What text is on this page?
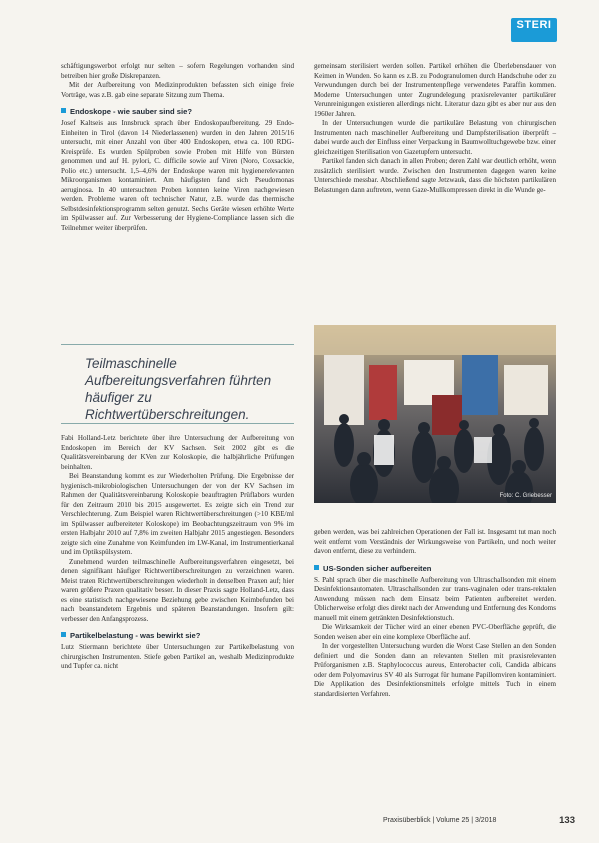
STERI

schäftigungswerbot erfolgt nur selten – sofern Regelungen vorhanden sind betreiben hier große Diskrepanzen.

Mit der Aufbereitung von Medizinprodukten befassten sich einige freie Vorträge, was z.B. gab eine separate Sitzung zum Thema.

Endoskope - wie sauber sind sie?

Josef Kaltseis aus Innsbruck sprach über Endoskopaufbereitung. 29 Endo-Einheiten in Tirol (davon 14 Niederlassenen) wurden in den Jahren 2015/16 untersucht, mit einer Anzahl von über 400 Endoskopen, etwa ca. 100 RDG-Kreisprüfe. Es wurden Spülproben sowie Proben mit Hilfe von Bürsten genommen und auf H. pylori, C. difficile sowie auf Viren (Noro, Coxsackie, Polio etc.) untersucht. 1,5–4,6% der Endoskope waren mit hygienerelevanten Mikroorganismen kontaminiert. Am häufigsten fand sich Pseudomonas aeruginosa. In 40 untersuchten Proben konnten keine Viren nachgewiesen werden. Probleme waren oft technischer Natur, z.B. wurde das thermische Selbstdesinfektionsprogramm selten genutzt. Sechs Geräte wiesen erhöhte Werte im Spülwasser auf. Zur Verbesserung der Hygiene-Compliance lassen sich die Teilnehmer weiter überprüfen.

Teilmaschinelle Aufbereitungsverfahren führten häufiger zu Richtwertüberschreitungen.

Fabi Holland-Letz berichtete über ihre Untersuchung der Aufbereitung von Endoskopen im Bereich der KV Sachsen. Seit 2002 gibt es die Qualitätsvereinbarung der KVen zur Koloskopie, die halbjährliche Prüfungen beinhalten.

Bei Beanstandung kommt es zur Wiederholten Prüfung. Die Ergebnisse der hygienisch-mikrobiologischen Untersuchungen der von der KV Sachsen im Rahmen der Qualitätsvereinbarung Koloskopie beauftragten Prüflabors wurden für den Zeitraum 2010 bis 2015 ausgewertet. Es zeigte sich ein Trend zur Verschlechterung. Zum Beispiel waren Richtwertüberschreitungen (>10 KBE/ml im Spülwasser aufbereiteter Koloskope) im Beobachtungszeitraum von 9% im ersten Halbjahr 2010 auf 7,8% im zweiten Halbjahr 2015 angestiegen. Besonders zeigte sich eine Zunahme von Keimfunden im LW-Kanal, im Instrumentierkanal und im Optikspülsystem.

Zunehmend wurden teilmaschinelle Aufbereitungsverfahren eingesetzt, bei denen signifikant häufiger Richtwertüberschreitungen zu verzeichnen waren. Meist traten Richtwertüberschreitungen wiederholt in denselben Praxen auf; hier waren größere Praxen qualitativ besser. In dieser Praxis sagte Holland-Letz, dass es eine statistisch nachgewiesene Beziehung gebe zwischen Keimbefunden bei nach beanstandetem Ergebnis und späteren Beanstandungen. Insofern gilt: verbesser den Anfangsprozess.

Partikelbelastung - was bewirkt sie?

Lutz Stiermann berichtete über Untersuchungen zur Partikelbelastung von chirurgischen Instrumenten. Stiefe geben Partikel an, weshalb Medizinprodukte und Tupfer ca. nicht

gemeinsam sterilisiert werden sollen. Partikel erhöhen die Überlebensdauer von Keimen in Wunden. So kann es z.B. zu Podogranulomen durch Handschuhe oder zu Verwundungen durch bei der Instrumentenpflege verwendetes Paraffin kommen. Moderne Untersuchungen unter Zugrundelegung praxisrelevanter partikulärer Verunreinigungen existieren allerdings nicht. Literatur dazu gibt es aber nur aus den 1960er Jahren.

In der Untersuchungen wurde die partikuläre Belastung von chirurgischen Instrumenten nach maschineller Aufbereitung und Dampfsterilisation überprüft – dabei wurde auch der Einfluss einer Verpackung in Baumwolltuchgewebe bzw. einer gleichzeitigen Sterilisation von Gazetupfern untersucht.

Partikel fanden sich danach in allen Proben; deren Zahl war deutlich erhöht, wenn zusätzlich sterilisiert wurde. Zwischen den Instrumenten dagegen waren keine Unterschiede messbar. Abschließend sagte Jetzwauk, dass die höchsten partikulären Belastungen dann auftreten, wenn Gaze-Mullkompressen direkt in die Wunde ge-

Foto: C. Griebesser

geben werden, was bei zahlreichen Operationen der Fall ist. Insgesamt tut man noch weit entfernt vom Verständnis der Wirkungsweise von Partikeln, und noch weiter davon entfernt, diese zu verhindern.

US-Sonden sicher aufbereiten

S. Pahl sprach über die maschinelle Aufbereitung von Ultraschallsonden mit einem Desinfektionsautomaten. Ultraschallsonden zur trans-vaginalen oder trans-rektalen Anwendung müssen nach dem Einsatz beim Patienten aufbereitet werden. Üblicherweise erfolgt dies direkt nach der Anwendung und Entfernung des Kondoms manuell mit einem getränkten Desinfektionstuch.

Die Wirksamkeit der Tücher wird an einer ebenen PVC-Oberfläche geprüft, die Sonden weisen aber ein eine komplexe Oberfläche auf.

In der vorgestellten Untersuchung wurden die Worst Case Stellen an den Sonden definiert und die Sonden dann an relevanten Stellen mit praxisrelevanten Prüforganismen z.B. Staphylococcus aureus, Enterobacter coli, Candida albicans oder dem Polyomavirus SV 40 als Surrogat für humane Papillomviren kontaminiert. Die Applikation des Desinfektionsmittels erfolgte mittels Tuch in einem standardisierten Verfahren.

Praxisüberblick | Volume 25 | 3/2018	133
